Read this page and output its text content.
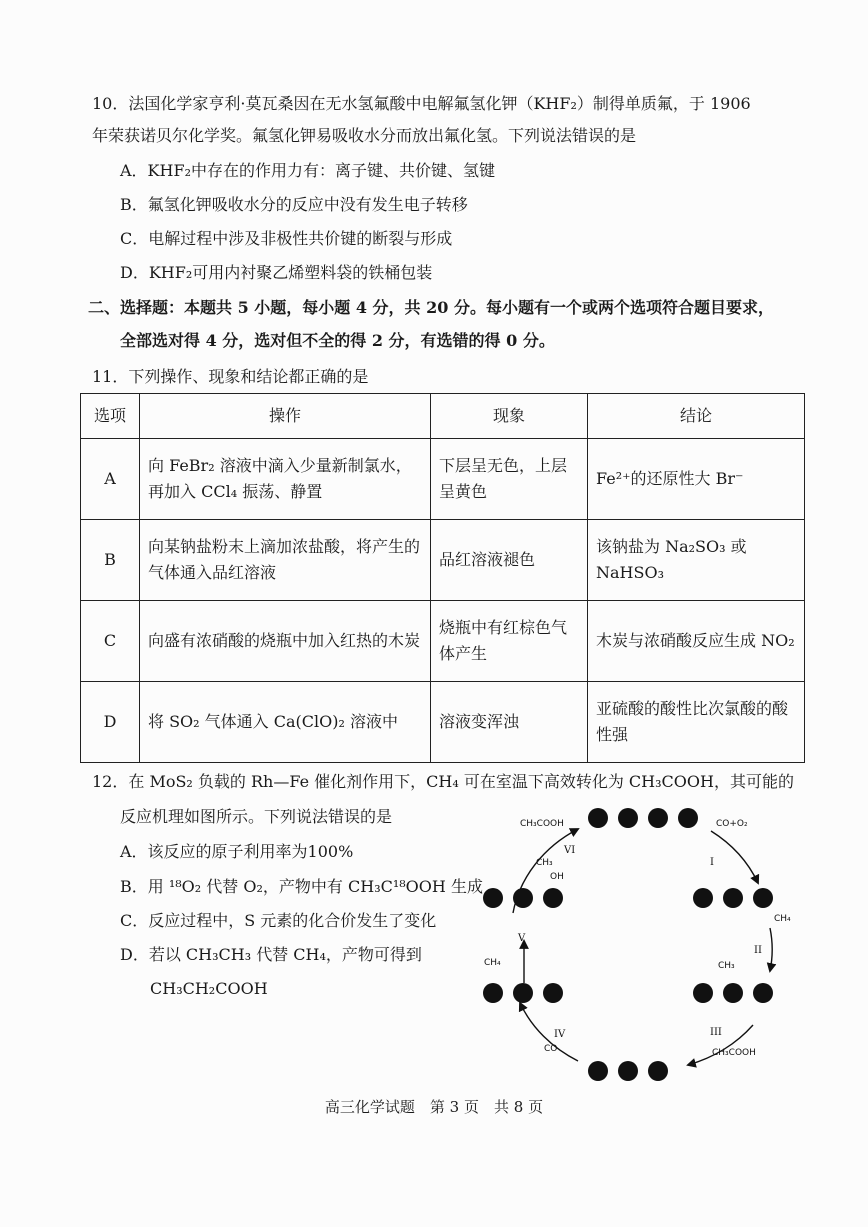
10．法国化学家亨利·莫瓦桑因在无水氢氟酸中电解氟氢化钾（KHF₂）制得单质氟，于 1906
年荣获诺贝尔化学奖。氟氢化钾易吸收水分而放出氟化氢。下列说法错误的是
A．KHF₂中存在的作用力有：离子键、共价键、氢键
B．氟氢化钾吸收水分的反应中没有发生电子转移
C．电解过程中涉及非极性共价键的断裂与形成
D．KHF₂可用内衬聚乙烯塑料袋的铁桶包装
二、选择题：本题共 5 小题，每小题 4 分，共 20 分。每小题有一个或两个选项符合题目要求，
全部选对得 4 分，选对但不全的得 2 分，有选错的得 0 分。
11．下列操作、现象和结论都正确的是
选项	操作	现象	结论
A	向 FeBr₂ 溶液中滴入少量新制氯水，再加入 CCl₄ 振荡、静置	下层呈无色，上层呈黄色	Fe²⁺的还原性大 Br⁻
B	向某钠盐粉末上滴加浓盐酸，将产生的气体通入品红溶液	品红溶液褪色	该钠盐为 Na₂SO₃ 或 NaHSO₃
C	向盛有浓硝酸的烧瓶中加入红热的木炭	烧瓶中有红棕色气体产生	木炭与浓硝酸反应生成 NO₂
D	将 SO₂ 气体通入 Ca(ClO)₂ 溶液中	溶液变浑浊	亚硫酸的酸性比次氯酸的酸性强
12．在 MoS₂ 负载的 Rh—Fe 催化剂作用下，CH₄ 可在室温下高效转化为 CH₃COOH，其可能的
反应机理如图所示。下列说法错误的是
A．该反应的原子利用率为100%
B．用 ¹⁸O₂ 代替 O₂，产物中有 CH₃C¹⁸OOH 生成
C．反应过程中，S 元素的化合价发生了变化
D．若以 CH₃CH₃ 代替 CH₄，产物可得到
CH₃CH₂COOH
CH₃COOH	CO+O₂
CH₄
CH₃COOH
CH₄
CO
CH₃
OH
CH₃
VI
I
II
III
IV
V
高三化学试题　第 3 页　共 8 页
